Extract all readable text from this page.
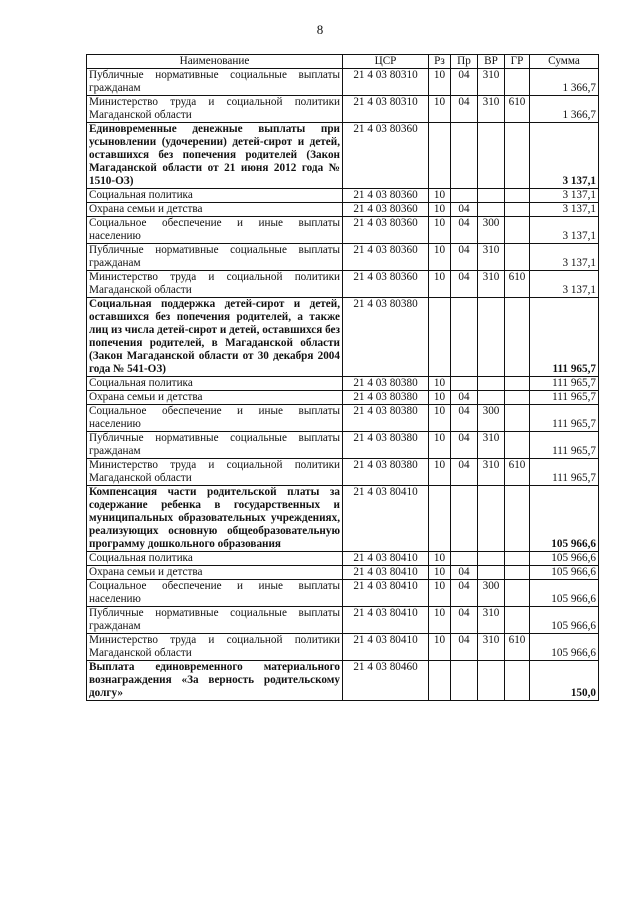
8
Наименование	ЦСР	Рз	Пр	ВР	ГР	Сумма
Публичные нормативные социальные выплаты гражданам	21 4 03 80310	10	04	310		1 366,7
Министерство труда и социальной политики Магаданской области	21 4 03 80310	10	04	310	610	1 366,7
Единовременные денежные выплаты при усыновлении (удочерении) детей-сирот и детей, оставшихся без попечения родителей (Закон Магаданской области от 21 июня 2012 года № 1510-ОЗ)	21 4 03 80360					3 137,1
Социальная политика	21 4 03 80360	10				3 137,1
Охрана семьи и детства	21 4 03 80360	10	04			3 137,1
Социальное обеспечение и иные выплаты населению	21 4 03 80360	10	04	300		3 137,1
Публичные нормативные социальные выплаты гражданам	21 4 03 80360	10	04	310		3 137,1
Министерство труда и социальной политики Магаданской области	21 4 03 80360	10	04	310	610	3 137,1
Социальная поддержка детей-сирот и детей, оставшихся без попечения родителей, а также лиц из числа детей-сирот и детей, оставшихся без попечения родителей, в Магаданской области (Закон Магаданской области от 30 декабря 2004 года № 541-ОЗ)	21 4 03 80380					111 965,7
Социальная политика	21 4 03 80380	10				111 965,7
Охрана семьи и детства	21 4 03 80380	10	04			111 965,7
Социальное обеспечение и иные выплаты населению	21 4 03 80380	10	04	300		111 965,7
Публичные нормативные социальные выплаты гражданам	21 4 03 80380	10	04	310		111 965,7
Министерство труда и социальной политики Магаданской области	21 4 03 80380	10	04	310	610	111 965,7
Компенсация части родительской платы за содержание ребенка в государственных и муниципальных образовательных учреждениях, реализующих основную общеобразовательную программу дошкольного образования	21 4 03 80410					105 966,6
Социальная политика	21 4 03 80410	10				105 966,6
Охрана семьи и детства	21 4 03 80410	10	04			105 966,6
Социальное обеспечение и иные выплаты населению	21 4 03 80410	10	04	300		105 966,6
Публичные нормативные социальные выплаты гражданам	21 4 03 80410	10	04	310		105 966,6
Министерство труда и социальной политики Магаданской области	21 4 03 80410	10	04	310	610	105 966,6
Выплата единовременного материального вознаграждения «За верность родительскому долгу»	21 4 03 80460					150,0
